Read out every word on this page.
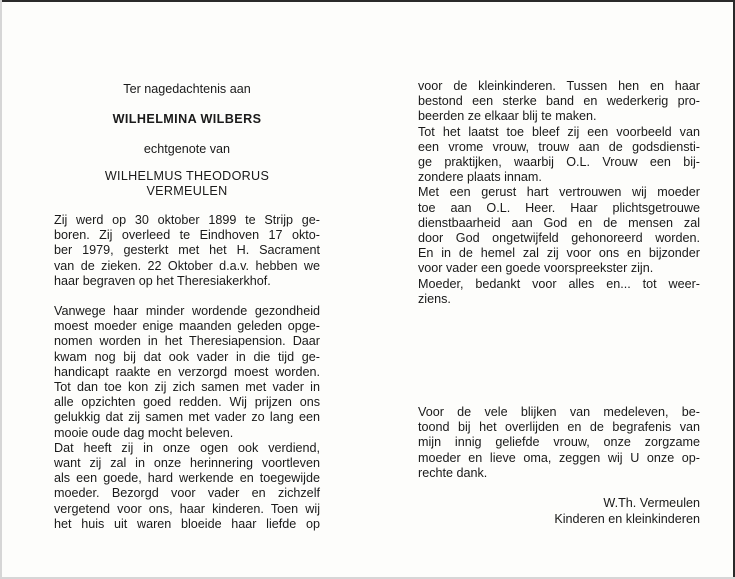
Ter nagedachtenis aan
WILHELMINA WILBERS
echtgenote van
WILHELMUS THEODORUS
VERMEULEN
Zij werd op 30 oktober 1899 te Strijp ge-
boren. Zij overleed te Eindhoven 17 okto-
ber 1979, gesterkt met het H. Sacrament
van de zieken. 22 Oktober d.a.v. hebben we
haar begraven op het Theresiakerkhof.
Vanwege haar minder wordende gezondheid
moest moeder enige maanden geleden opge-
nomen worden in het Theresiapension. Daar
kwam nog bij dat ook vader in die tijd ge-
handicapt raakte en verzorgd moest worden.
Tot dan toe kon zij zich samen met vader in
alle opzichten goed redden. Wij prijzen ons
gelukkig dat zij samen met vader zo lang een
mooie oude dag mocht beleven.
Dat heeft zij in onze ogen ook verdiend,
want zij zal in onze herinnering voortleven
als een goede, hard werkende en toegewijde
moeder. Bezorgd voor vader en zichzelf
vergetend voor ons, haar kinderen. Toen wij
het huis uit waren bloeide haar liefde op
voor de kleinkinderen. Tussen hen en haar
bestond een sterke band en wederkerig pro-
beerden ze elkaar blij te maken.
Tot het laatst toe bleef zij een voorbeeld van
een vrome vrouw, trouw aan de godsdiensti-
ge praktijken, waarbij O.L. Vrouw een bij-
zondere plaats innam.
Met een gerust hart vertrouwen wij moeder
toe aan O.L. Heer. Haar plichtsgetrouwe
dienstbaarheid aan God en de mensen zal
door God ongetwijfeld gehonoreerd worden.
En in de hemel zal zij voor ons en bijzonder
voor vader een goede voorspreekster zijn.
Moeder, bedankt voor alles en... tot weer-
ziens.
Voor de vele blijken van medeleven, be-
toond bij het overlijden en de begrafenis van
mijn innig geliefde vrouw, onze zorgzame
moeder en lieve oma, zeggen wij U onze op-
rechte dank.
W.Th. Vermeulen
Kinderen en kleinkinderen
